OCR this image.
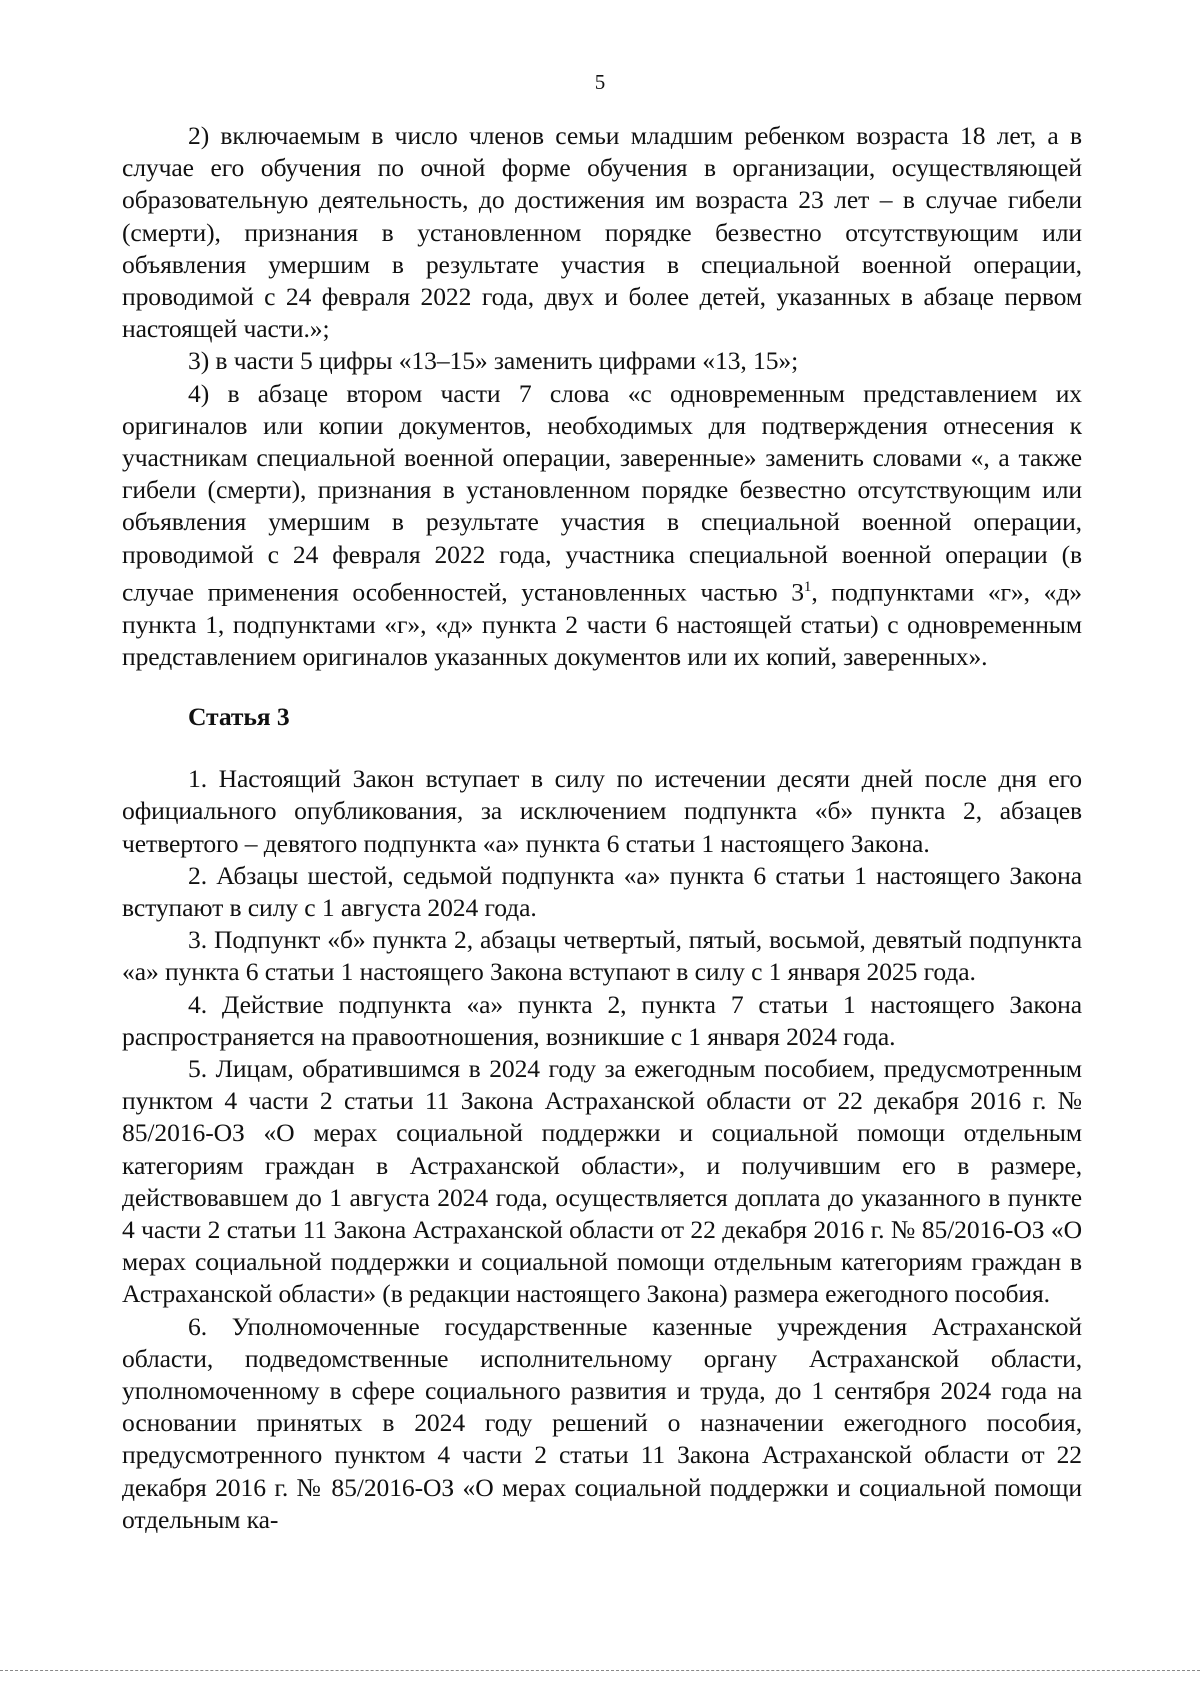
5

2) включаемым в число членов семьи младшим ребенком возраста 18 лет, а в случае его обучения по очной форме обучения в организации, осуществляющей образовательную деятельность, до достижения им возраста 23 лет – в случае гибели (смерти), признания в установленном порядке безвестно отсутствующим или объявления умершим в результате участия в специальной военной операции, проводимой с 24 февраля 2022 года, двух и более детей, указанных в абзаце первом настоящей части.»;

3) в части 5 цифры «13–15» заменить цифрами «13, 15»;

4) в абзаце втором части 7 слова «с одновременным представлением их оригиналов или копии документов, необходимых для подтверждения отнесения к участникам специальной военной операции, заверенные» заменить словами «, а также гибели (смерти), признания в установленном порядке безвестно отсутствующим или объявления умершим в результате участия в специальной военной операции, проводимой с 24 февраля 2022 года, участника специальной военной операции (в случае применения особенностей, установленных частью $3^1$, подпунктами «г», «д» пункта 1, подпунктами «г», «д» пункта 2 части 6 настоящей статьи) с одновременным представлением оригиналов указанных документов или их копий, заверенных».

Статья 3

1. Настоящий Закон вступает в силу по истечении десяти дней после дня его официального опубликования, за исключением подпункта «б» пункта 2, абзацев четвертого – девятого подпункта «а» пункта 6 статьи 1 настоящего Закона.

2. Абзацы шестой, седьмой подпункта «а» пункта 6 статьи 1 настоящего Закона вступают в силу с 1 августа 2024 года.

3. Подпункт «б» пункта 2, абзацы четвертый, пятый, восьмой, девятый подпункта «а» пункта 6 статьи 1 настоящего Закона вступают в силу с 1 января 2025 года.

4. Действие подпункта «а» пункта 2, пункта 7 статьи 1 настоящего Закона распространяется на правоотношения, возникшие с 1 января 2024 года.

5. Лицам, обратившимся в 2024 году за ежегодным пособием, предусмотренным пунктом 4 части 2 статьи 11 Закона Астраханской области от 22 декабря 2016 г. № 85/2016-ОЗ «О мерах социальной поддержки и социальной помощи отдельным категориям граждан в Астраханской области», и получившим его в размере, действовавшем до 1 августа 2024 года, осуществляется доплата до указанного в пункте 4 части 2 статьи 11 Закона Астраханской области от 22 декабря 2016 г. № 85/2016-ОЗ «О мерах социальной поддержки и социальной помощи отдельным категориям граждан в Астраханской области» (в редакции настоящего Закона) размера ежегодного пособия.

6. Уполномоченные государственные казенные учреждения Астраханской области, подведомственные исполнительному органу Астраханской области, уполномоченному в сфере социального развития и труда, до 1 сентября 2024 года на основании принятых в 2024 году решений о назначении ежегодного пособия, предусмотренного пунктом 4 части 2 статьи 11 Закона Астраханской области от 22 декабря 2016 г. № 85/2016-ОЗ «О мерах социальной поддержки и социальной помощи отдельным ка-
